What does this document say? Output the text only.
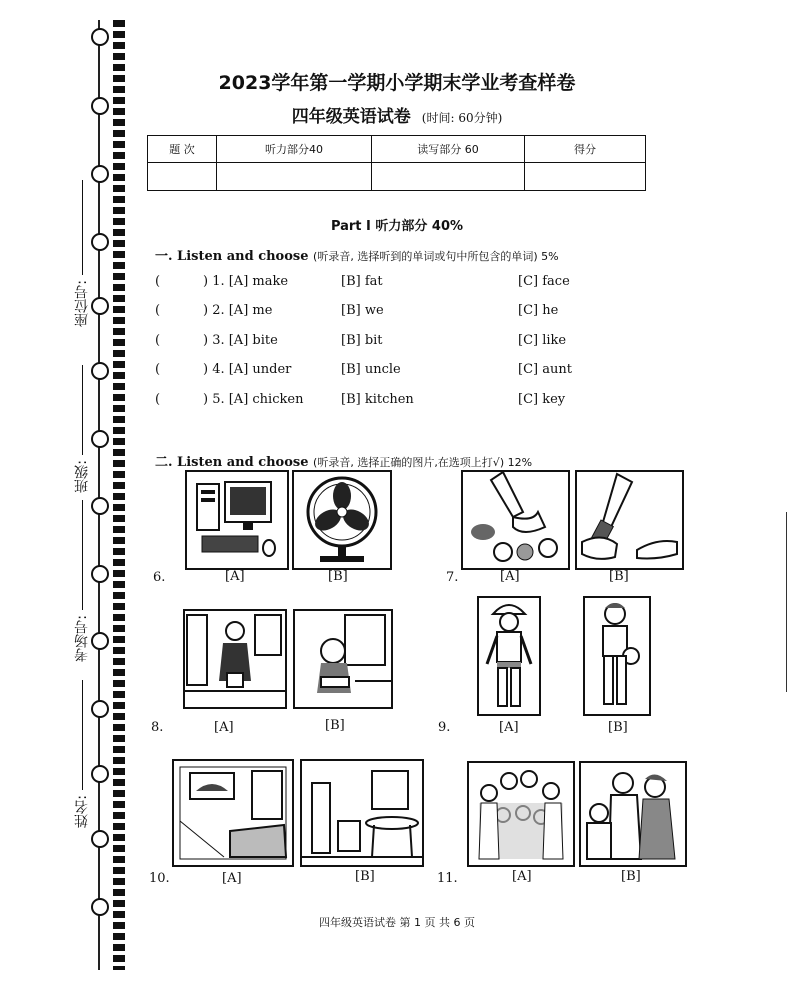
座位号:
班级:
考场号:
姓名:
2023学年第一学期小学期末学业考查样卷
四年级英语试卷 (时间: 60分钟)
题 次	听力部分40	读写部分 60	得分

Part Ⅰ 听力部分 40%
一. Listen and choose (听录音, 选择听到的单词或句中所包含的单词) 5%
(	) 1. [A] make	[B] fat	[C] face
(	) 2. [A] me	[B] we	[C] he
(	) 3. [A] bite	[B] bit	[C] like
(	) 4. [A] under	[B] uncle	[C] aunt
(	) 5. [A] chicken	[B] kitchen	[C] key
二. Listen and choose (听录音, 选择正确的图片,在选项上打√) 12%
6.	[A]	[B]	7.	[A]	[B]
8.	[A]	[B]	9.	[A]	[B]
10.	[A]	[B]	11.	[A]	[B]
四年级英语试卷 第 1 页 共 6 页
